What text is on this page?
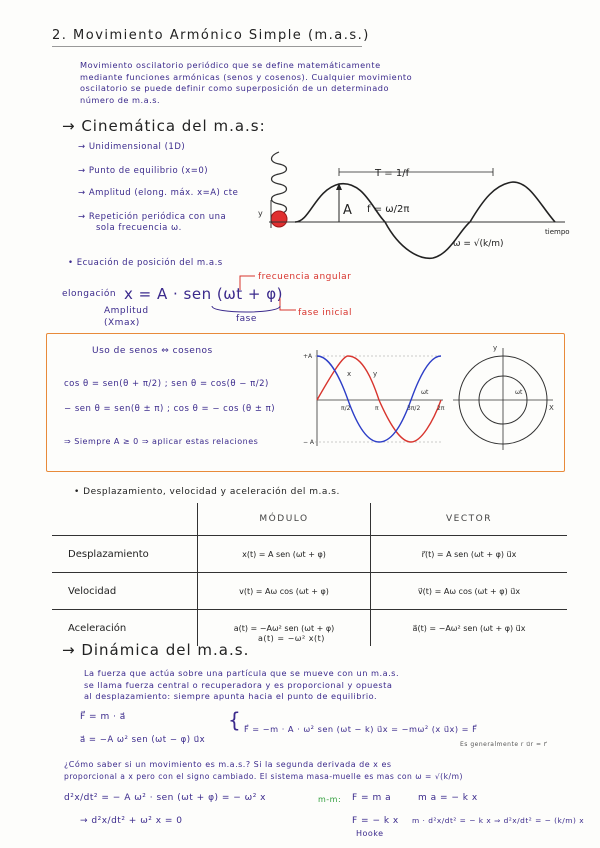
2. Movimiento Armónico Simple (m.a.s.)
Movimiento oscilatorio periódico que se define matemáticamente
mediante funciones armónicas (senos y cosenos). Cualquier movimiento
oscilatorio se puede definir como superposición de un determinado
número de m.a.s.
→ Cinemática del m.a.s:
→ Unidimensional (1D)
→ Punto de equilibrio (x=0)
→ Amplitud (elong. máx. x=A) cte
→ Repetición periódica con una
sola frecuencia ω.
y	A
T = 1/f
f = ω/2π
ω = √(k/m)
tiempo
• Ecuación de posición del m.a.s
elongación x = A · sen (ωt + φ)
Amplitud
(Xmax)	fase
frecuencia angular
fase inicial
Uso de senos ⇔ cosenos
cos θ = sen(θ + π/2) ; sen θ = cos(θ − π/2)
− sen θ = sen(θ ± π) ; cos θ = − cos (θ ± π)
⇒ Siempre A ≥ 0 ⇒ aplicar estas relaciones
+A
− A
x	y
π/2	π	3π/2	2π
ωt
X
y
ωt
• Desplazamiento, velocidad y aceleración del m.a.s.
	MÓDULO	VECTOR
Desplazamiento	x(t) = A sen (ωt + φ)	r⃗(t) = A sen (ωt + φ) u⃗x
Velocidad	v(t) = Aω cos (ωt + φ)	v⃗(t) = Aω cos (ωt + φ) u⃗x
Aceleración	a(t) = −Aω² sen (ωt + φ)	a⃗(t) = −Aω² sen (ωt + φ) u⃗x
a(t) = −ω² x(t)
→ Dinámica del m.a.s.
La fuerza que actúa sobre una partícula que se mueve con un m.a.s.
se llama fuerza central o recuperadora y es proporcional y opuesta
al desplazamiento: siempre apunta hacia el punto de equilibrio.
F⃗ = m · a⃗
a⃗ = −A ω² sen (ωt − φ) u⃗x
{ F⃗ = −m · A · ω² sen (ωt − k) u⃗x = −mω² (x u⃗x) = F⃗
Es generalmente r u⃗r = r⃗
¿Cómo saber si un movimiento es m.a.s.? Si la segunda derivada de x es
proporcional a x pero con el signo cambiado. El sistema masa-muelle es mas con ω = √(k/m)
d²x/dt² = − A ω² · sen (ωt + φ) = − ω² x
→ d²x/dt² + ω² x = 0
m-m: F = m a
F = − k x
Hooke
m a = − k x
m · d²x/dt² = − k x ⇒ d²x/dt² = − (k/m) x
